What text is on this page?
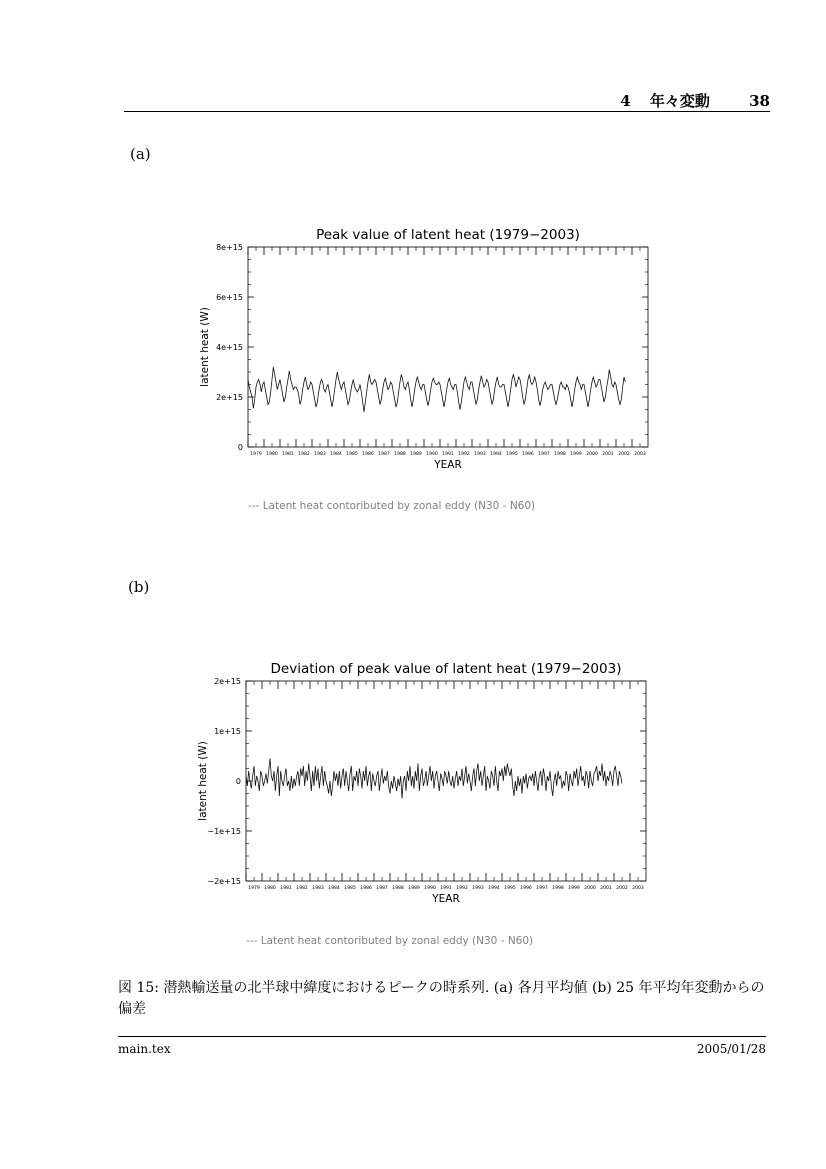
4 年々変動	38
(a)
(b)
Peak value of latent heat (1979−2003)
0
2e+15
4e+15
6e+15
8e+15
1979 1980 1981 1982 1983 1984 1985 1986 1987 1988 1989 1990 1991 1992 1993 1994 1995 1996 1997 1998 1999 2000 2001 2002 2003
YEAR
latent heat (W)
--- Latent heat contoributed by zonal eddy (N30 - N60)
Deviation of peak value of latent heat (1979−2003)
−2e+15
−1e+15
0
1e+15
2e+15
1979 1980 1981 1982 1983 1984 1985 1986 1987 1988 1989 1990 1991 1992 1993 1994 1995 1996 1997 1998 1999 2000 2001 2002 2003
YEAR
latent heat (W)
--- Latent heat contoributed by zonal eddy (N30 - N60)
図 15: 潜熱輸送量の北半球中緯度におけるピークの時系列. (a) 各月平均値 (b) 25 年平均年変動からの偏差
main.tex	2005/01/28
